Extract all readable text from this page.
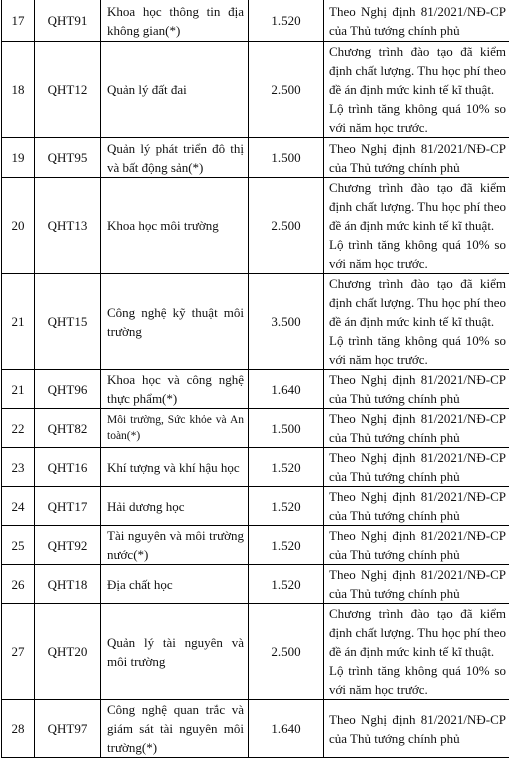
17	QHT91	Khoa học thông tin địa không gian(*)	1.520	Theo Nghị định 81/2021/NĐ-CP của Thủ tướng chính phủ

18	QHT12	Quản lý đất đai	2.500	Chương trình đào tạo đã kiểm định chất lượng. Thu học phí theo đề án định mức kinh tế kĩ thuật.

Lộ trình tăng không quá 10% so với năm học trước.

19	QHT95	Quản lý phát triển đô thị và bất động sản(*)	1.500	Theo Nghị định 81/2021/NĐ-CP của Thủ tướng chính phủ

20	QHT13	Khoa học môi trường	2.500	Chương trình đào tạo đã kiểm định chất lượng. Thu học phí theo đề án định mức kinh tế kĩ thuật.

Lộ trình tăng không quá 10% so với năm học trước.

21	QHT15	Công nghệ kỹ thuật môi trường	3.500	Chương trình đào tạo đã kiểm định chất lượng. Thu học phí theo đề án định mức kinh tế kĩ thuật.

Lộ trình tăng không quá 10% so với năm học trước.

21	QHT96	Khoa học và công nghệ thực phẩm(*)	1.640	Theo Nghị định 81/2021/NĐ-CP của Thủ tướng chính phủ

22	QHT82	Môi trường, Sức khỏe và An toàn(*)	1.500	Theo Nghị định 81/2021/NĐ-CP của Thủ tướng chính phủ

23	QHT16	Khí tượng và khí hậu học	1.520	Theo Nghị định 81/2021/NĐ-CP của Thủ tướng chính phủ

24	QHT17	Hải dương học	1.520	Theo Nghị định 81/2021/NĐ-CP của Thủ tướng chính phủ

25	QHT92	Tài nguyên và môi trường nước(*)	1.520	Theo Nghị định 81/2021/NĐ-CP của Thủ tướng chính phủ

26	QHT18	Địa chất học	1.520	Theo Nghị định 81/2021/NĐ-CP của Thủ tướng chính phủ

27	QHT20	Quản lý tài nguyên và môi trường	2.500	Chương trình đào tạo đã kiểm định chất lượng. Thu học phí theo đề án định mức kinh tế kĩ thuật.

Lộ trình tăng không quá 10% so với năm học trước.

28	QHT97	Công nghệ quan trắc và giám sát tài nguyên môi trường(*)	1.640	Theo Nghị định 81/2021/NĐ-CP của Thủ tướng chính phủ
